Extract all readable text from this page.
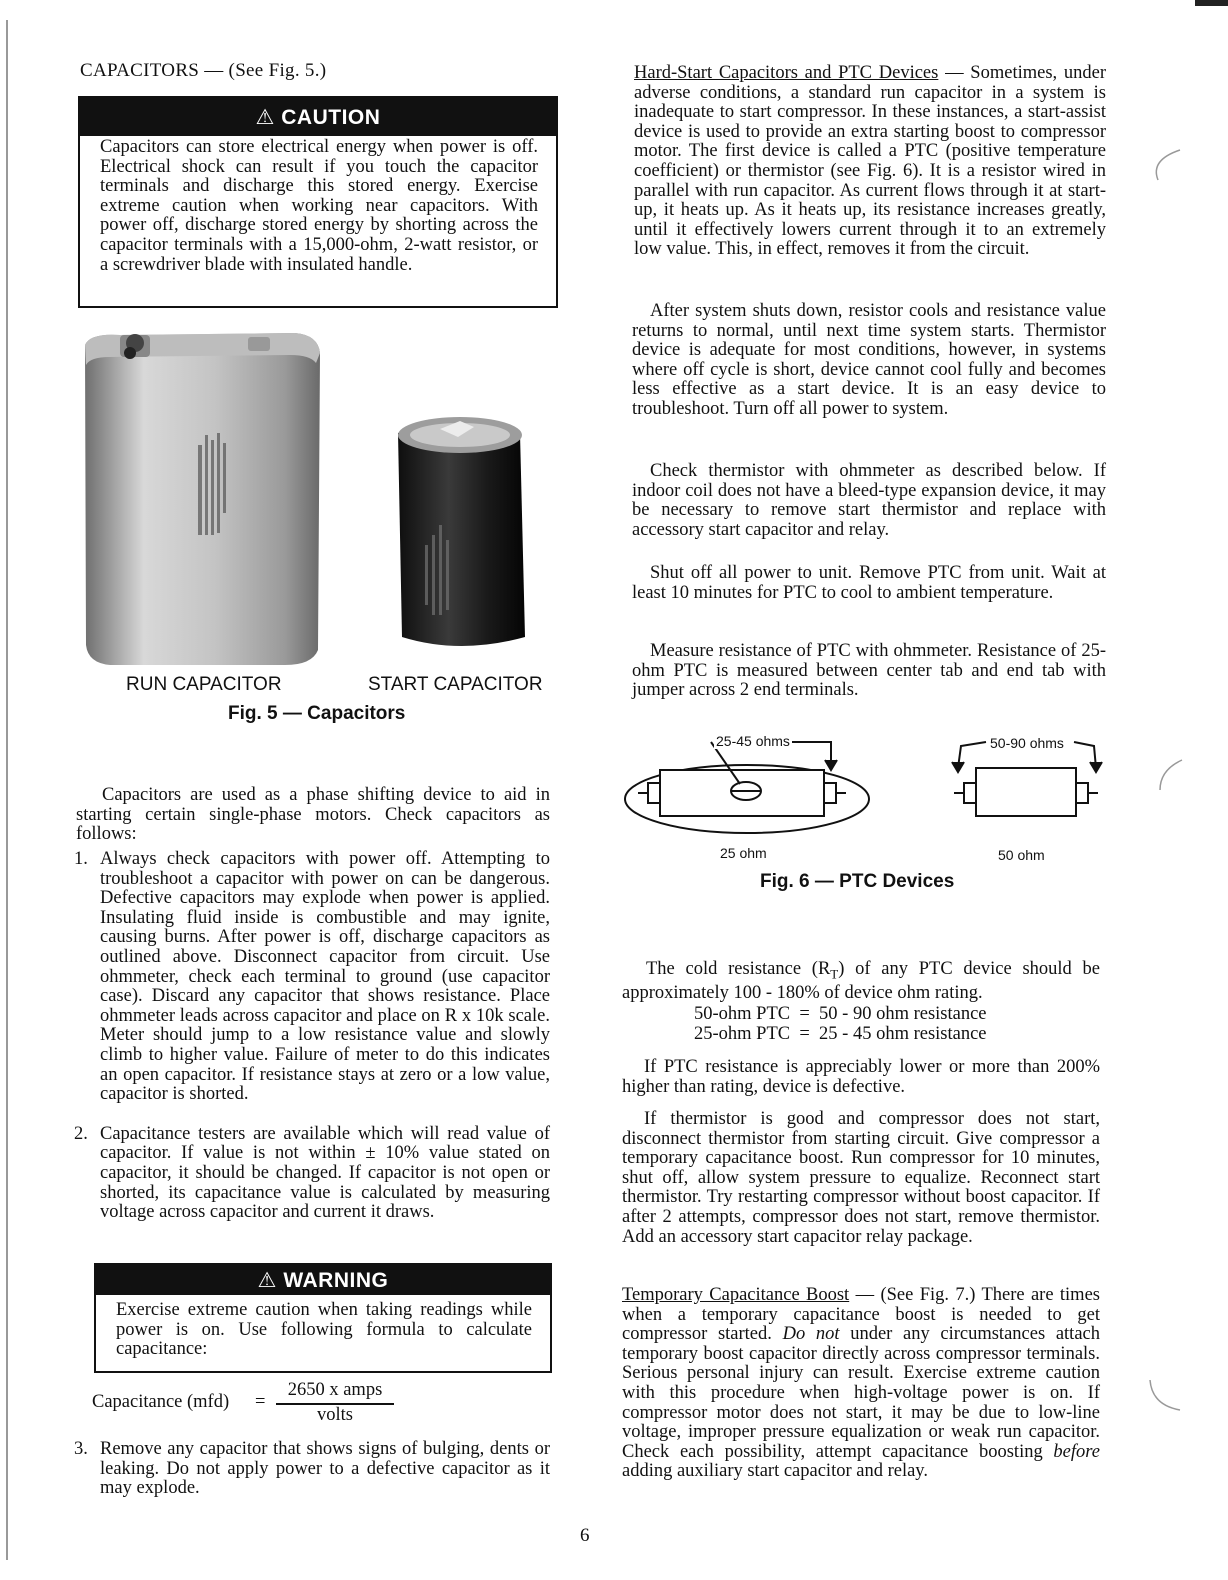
CAPACITORS — (See Fig. 5.)
⚠ CAUTION
Capacitors can store electrical energy when power is off. Electrical shock can result if you touch the capacitor terminals and discharge this stored energy. Exercise extreme caution when working near capacitors. With power off, discharge stored energy by shorting across the capacitor terminals with a 15,000-ohm, 2-watt resistor, or a screwdriver blade with insulated handle.
RUN CAPACITOR	START CAPACITOR
Fig. 5 — Capacitors

Capacitors are used as a phase shifting device to aid in starting certain single-phase motors. Check capacitors as follows:

1. Always check capacitors with power off. Attempting to troubleshoot a capacitor with power on can be dangerous. Defective capacitors may explode when power is applied. Insulating fluid inside is combustible and may ignite, causing burns. After power is off, discharge capacitors as outlined above. Disconnect capacitor from circuit. Use ohmmeter, check each terminal to ground (use capacitor case). Discard any capacitor that shows resistance. Place ohmmeter leads across capacitor and place on R x 10k scale. Meter should jump to a low resistance value and slowly climb to higher value. Failure of meter to do this indicates an open capacitor. If resistance stays at zero or a low value, capacitor is shorted.
2. Capacitance testers are available which will read value of capacitor. If value is not within ± 10% value stated on capacitor, it should be changed. If capacitor is not open or shorted, its capacitance value is calculated by measuring voltage across capacitor and current it draws.
⚠ WARNING
Exercise extreme caution when taking readings while power is on. Use following formula to calculate capacitance:
Capacitance (mfd) =
2650 x amps
volts
3. Remove any capacitor that shows signs of bulging, dents or leaking. Do not apply power to a defective capacitor as it may explode.

Hard-Start Capacitors and PTC Devices — Sometimes, under adverse conditions, a standard run capacitor in a system is inadequate to start compressor. In these instances, a start-assist device is used to provide an extra starting boost to compressor motor. The first device is called a PTC (positive temperature coefficient) or thermistor (see Fig. 6). It is a resistor wired in parallel with run capacitor. As current flows through it at start-up, it heats up. As it heats up, its resistance increases greatly, until it effectively lowers current through it to an extremely low value. This, in effect, removes it from the circuit.

After system shuts down, resistor cools and resistance value returns to normal, until next time system starts. Thermistor device is adequate for most conditions, however, in systems where off cycle is short, device cannot cool fully and becomes less effective as a start device. It is an easy device to troubleshoot. Turn off all power to system.

Check thermistor with ohmmeter as described below. If indoor coil does not have a bleed-type expansion device, it may be necessary to remove start thermistor and replace with accessory start capacitor and relay.

Shut off all power to unit. Remove PTC from unit. Wait at least 10 minutes for PTC to cool to ambient temperature.

Measure resistance of PTC with ohmmeter. Resistance of 25-ohm PTC is measured between center tab and end tab with jumper across 2 end terminals.

25-45 ohms	50-90 ohms
25 ohm	50 ohm
Fig. 6 — PTC Devices

The cold resistance $(R_T)$ of any PTC device should be approximately 100 - 180% of device ohm rating.

50-ohm PTC  =  50 - 90 ohm resistance
25-ohm PTC  =  25 - 45 ohm resistance

If PTC resistance is appreciably lower or more than 200% higher than rating, device is defective.

If thermistor is good and compressor does not start, disconnect thermistor from starting circuit. Give compressor a temporary capacitance boost. Run compressor for 10 minutes, shut off, allow system pressure to equalize. Reconnect start thermistor. Try restarting compressor without boost capacitor. If after 2 attempts, compressor does not start, remove thermistor. Add an accessory start capacitor relay package.

Temporary Capacitance Boost — (See Fig. 7.) There are times when a temporary capacitance boost is needed to get compressor started. Do not under any circumstances attach temporary boost capacitor directly across compressor terminals. Serious personal injury can result. Exercise extreme caution with this procedure when high-voltage power is on. If compressor motor does not start, it may be due to low-line voltage, improper pressure equalization or weak run capacitor. Check each possibility, attempt capacitance boosting before adding auxiliary start capacitor and relay.

6
